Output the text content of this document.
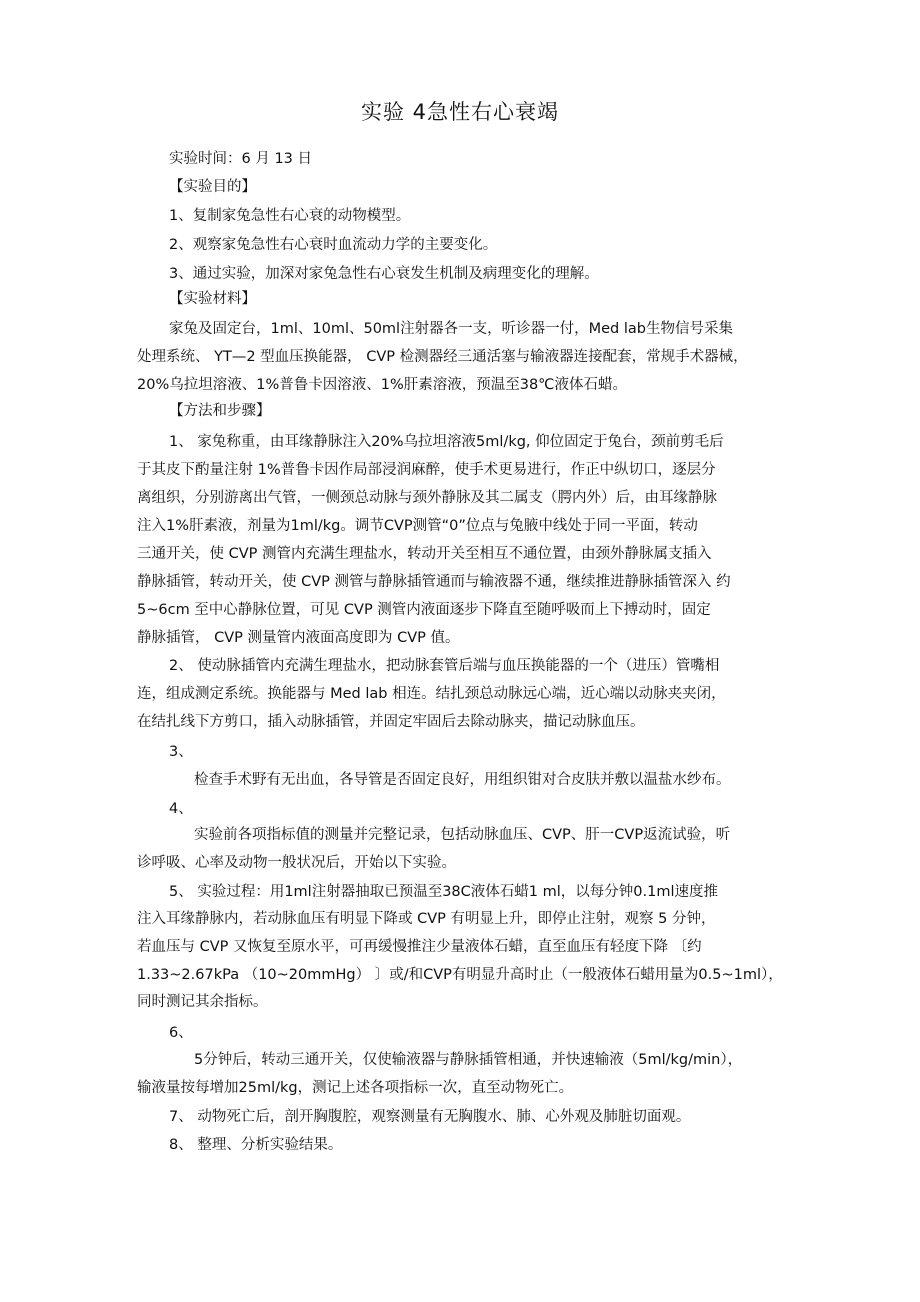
实验 4急性右心衰竭
实验时间：6 月 13 日
【实验目的】
1、复制家兔急性右心衰的动物模型。
2、观察家兔急性右心衰时血流动力学的主要变化。
3、通过实验，加深对家兔急性右心衰发生机制及病理变化的理解。
【实验材料】
家兔及固定台，1ml、10ml、50ml注射器各一支，听诊器一付，Med lab生物信号采集
处理系统、 YT—2 型血压换能器， CVP 检测器经三通活塞与输液器连接配套，常规手术器械，
20%乌拉坦溶液、1%普鲁卡因溶液、1%肝素溶液，预温至38℃液体石蜡。
【方法和步骤】
1、 家兔称重，由耳缘静脉注入20%乌拉坦溶液5ml/kg, 仰位固定于兔台，颈前剪毛后
于其皮下酌量注射 1%普鲁卡因作局部浸润麻醉，使手术更易进行，作正中纵切口，逐层分
离组织，分别游离出气管，一侧颈总动脉与颈外静脉及其二属支（腭内外）后，由耳缘静脉
注入1%肝素液，剂量为1ml/kg。调节CVP测管“0”位点与兔腋中线处于同一平面，转动
三通开关，使 CVP 测管内充满生理盐水，转动开关至相互不通位置，由颈外静脉属支插入
静脉插管，转动开关，使 CVP 测管与静脉插管通而与输液器不通，继续推进静脉插管深入 约
5~6cm 至中心静脉位置，可见 CVP 测管内液面逐步下降直至随呼吸而上下搏动时，固定
静脉插管， CVP 测量管内液面高度即为 CVP 值。
2、 使动脉插管内充满生理盐水，把动脉套管后端与血压换能器的一个（进压）管嘴相
连，组成测定系统。换能器与 Med lab 相连。结扎颈总动脉远心端，近心端以动脉夹夹闭，
在结扎线下方剪口，插入动脉插管，并固定牢固后去除动脉夹，描记动脉血压。
3、
检查手术野有无出血，各导管是否固定良好，用组织钳对合皮肤并敷以温盐水纱布。
4、
实验前各项指标值的测量并完整记录，包括动脉血压、CVP、肝一CVP返流试验，听
诊呼吸、心率及动物一般状况后，开始以下实验。
5、 实验过程：用1ml注射器抽取已预温至38C液体石蜡1 ml，以每分钟0.1ml速度推
注入耳缘静脉内，若动脉血压有明显下降或 CVP 有明显上升，即停止注射，观察 5 分钟，
若血压与 CVP 又恢复至原水平，可再缓慢推注少量液体石蜡，直至血压有轻度下降 〔约
1.33~2.67kPa （10~20mmHg） 〕或/和CVP有明显升高时止（一般液体石蜡用量为0.5~1ml），
同时测记其余指标。
6、
5分钟后，转动三通开关，仅使输液器与静脉插管相通，并快速输液（5ml/kg/min），
输液量按每增加25ml/kg，测记上述各项指标一次，直至动物死亡。
7、 动物死亡后，剖开胸腹腔，观察测量有无胸腹水、肺、心外观及肺脏切面观。
8、 整理、分析实验结果。
